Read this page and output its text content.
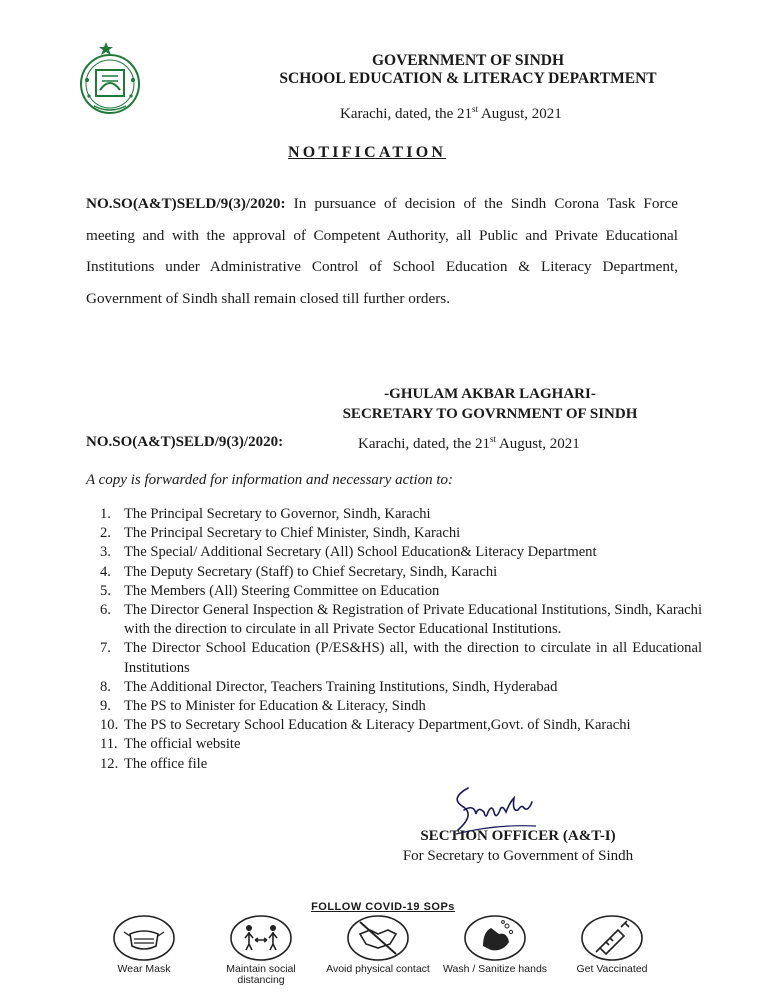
GOVERNMENT OF SINDH
SCHOOL EDUCATION & LITERACY DEPARTMENT
Karachi, dated, the 21st August, 2021
NOTIFICATION
NO.SO(A&T)SELD/9(3)/2020: In pursuance of decision of the Sindh Corona Task Force meeting and with the approval of Competent Authority, all Public and Private Educational Institutions under Administrative Control of School Education & Literacy Department, Government of Sindh shall remain closed till further orders.
-GHULAM AKBAR LAGHARI-
SECRETARY TO GOVRNMENT OF SINDH
NO.SO(A&T)SELD/9(3)/2020:	Karachi, dated, the 21st August, 2021
A copy is forwarded for information and necessary action to:
1. The Principal Secretary to Governor, Sindh, Karachi
2. The Principal Secretary to Chief Minister, Sindh, Karachi
3. The Special/ Additional Secretary (All) School Education& Literacy Department
4. The Deputy Secretary (Staff) to Chief Secretary, Sindh, Karachi
5. The Members (All) Steering Committee on Education
6. The Director General Inspection & Registration of Private Educational Institutions, Sindh, Karachi with the direction to circulate in all Private Sector Educational Institutions.
7. The Director School Education (P/ES&HS) all, with the direction to circulate in all Educational Institutions
8. The Additional Director, Teachers Training Institutions, Sindh, Hyderabad
9. The PS to Minister for Education & Literacy, Sindh
10. The PS to Secretary School Education & Literacy Department,Govt. of Sindh, Karachi
11. The official website
12. The office file
SECTION OFFICER (A&T-I)
For Secretary to Government of Sindh
FOLLOW COVID-19 SOPs
Wear Mask	Maintain social distancing
Avoid physical contact	Wash / Sanitize hands	Get Vaccinated
